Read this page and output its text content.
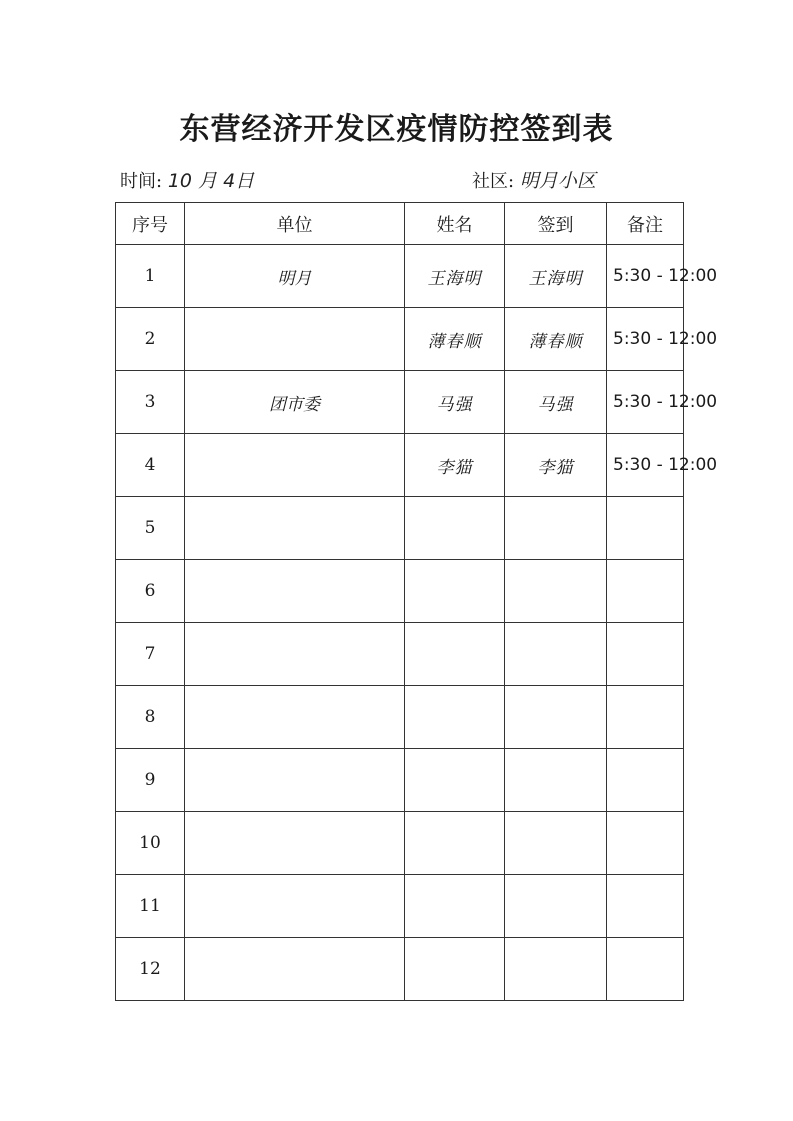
东营经济开发区疫情防控签到表
时间: 10 月 4日	社区: 明月小区
序号	单位	姓名	签到	备注
1	明月	王海明	王海明	5:30 - 12:00
2		薄春顺	薄春顺	5:30 - 12:00
3	团市委	马强	马强	5:30 - 12:00
4		李猫	李猫	5:30 - 12:00
5				
6				
7				
8				
9				
10				
11				
12				
